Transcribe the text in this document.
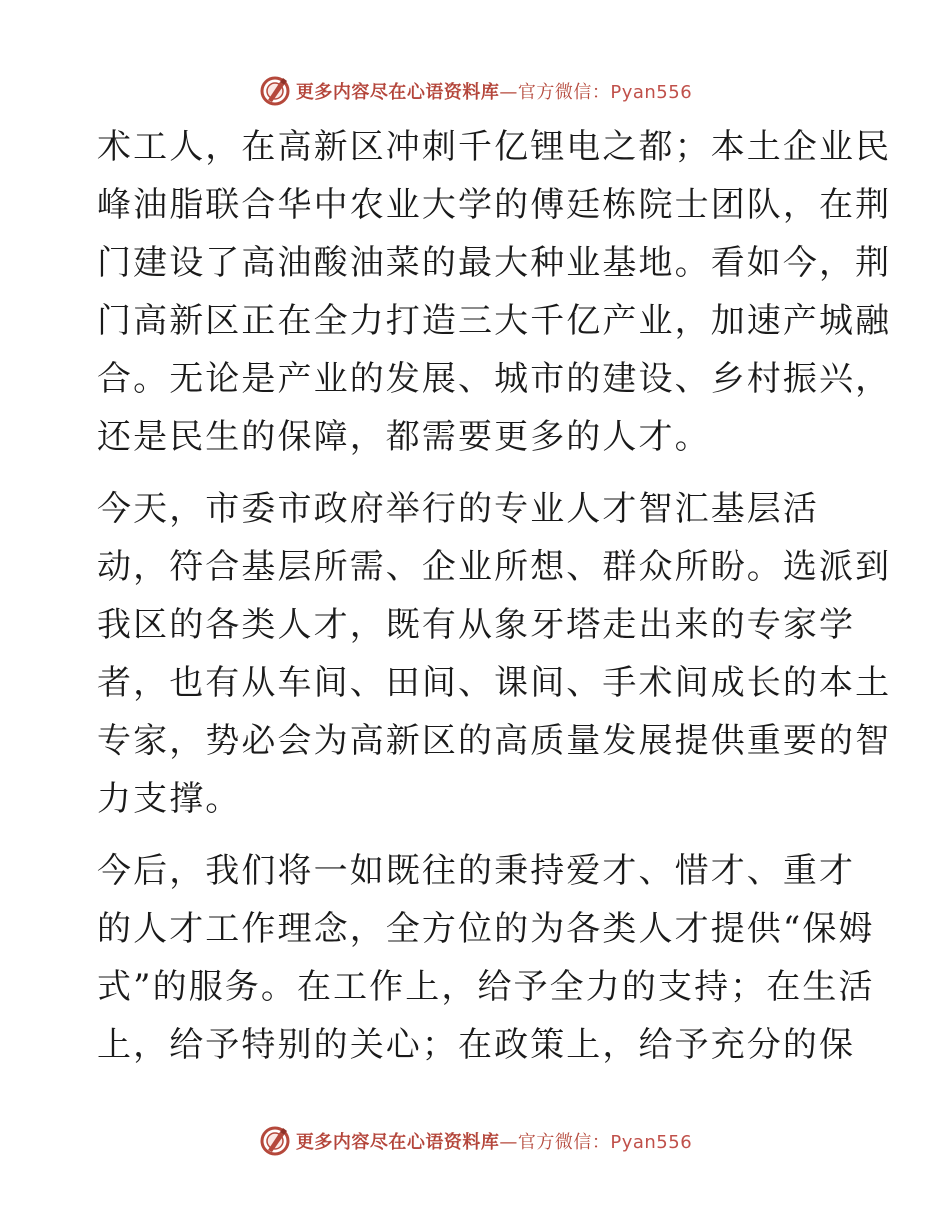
更多内容尽在心语资料库—官方微信：Pyan556
术工人，在高新区冲刺千亿锂电之都；本土企业民
峰油脂联合华中农业大学的傅廷栋院士团队，在荆
门建设了高油酸油菜的最大种业基地。看如今，荆
门高新区正在全力打造三大千亿产业，加速产城融
合。无论是产业的发展、城市的建设、乡村振兴，
还是民生的保障，都需要更多的人才。
今天，市委市政府举行的专业人才智汇基层活
动，符合基层所需、企业所想、群众所盼。选派到
我区的各类人才，既有从象牙塔走出来的专家学
者，也有从车间、田间、课间、手术间成长的本土
专家，势必会为高新区的高质量发展提供重要的智
力支撑。
今后，我们将一如既往的秉持爱才、惜才、重才
的人才工作理念，全方位的为各类人才提供“保姆
式”的服务。在工作上，给予全力的支持；在生活
上，给予特别的关心；在政策上，给予充分的保
更多内容尽在心语资料库—官方微信：Pyan556
